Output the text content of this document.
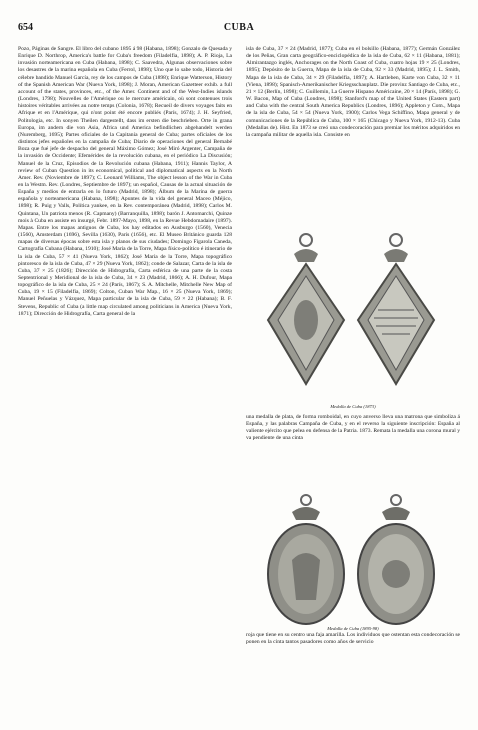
654	CUBA

Pozo, Páginas de Sangre. El libro del cubano 1895 á 98 (Habana, 1898); Gonzalo de Quesada y Enrique D. Northrop, America's battle for Cuba's freedom (Filadelfia, 1898); A. P. Rioja, La invasión norteamericana en Cuba (Habana, 1898); C. Saavedra, Algunas observaciones sobre los desastres de la marina española en Cuba (Ferrol, 1898); Uno que lo sabe todo, Historia del célebre bandido Manuel García, rey de los campos de Cuba (1898); Enrique Watterson, History of the Spanish American War (Nueva York, 1898); J. Moran, American Gazetteer exhib. a full account of the states, provinces, etc., of the Amer. Continent and of the West-Indies islands (Londres, 1798); Nouvelles de l'Amérique ou le mercure américain, où sont contenues trois histoires véritables arrivées au notre temps (Colonia, 1678); Recueil de divers voyages faits en Afrique et en l'Amérique, qui n'ont point été encore publiés (París, 1674); J. H. Seyfried, Politologia, etc. In sonyen Theilen dargestellt, dass im ersten die beschrieben. Orte in grana Europa, im andern die von Asia, Africa und America befindlichen abgehandelt werden (Nuremberg, 1695); Partes oficiales de la Capitanía general de Cuba; partes oficiales de los distintos jefes españoles en la campaña de Cuba; Diario de operaciones del general Bernabé Boza que fué jefe de despacho del general Máximo Gómez; José Miró Argenter, Campaña de la invasión de Occidente; Efemérides de la revolución cubana, en el periódico La Discusión; Manuel de la Cruz, Episodios de la Revolución cubana (Habana, 1911); Hannis Taylor, A review of Cuban Question in its economical, political and diplomatical aspects en la North Amer. Rev. (Noviembre de 1897); C. Leonard Williams, The object lesson of the War in Cuba en la Westm. Rev. (Londres, Septiembre de 1897); un español, Causas de la actual situación de España y medios de entrarla en lo futuro (Madrid, 1898); Álbum de la Marina de guerra española y norteamericana (Habana, 1898); Apuntes de la vida del general Maceo (Méjico, 1898); R. Puig y Valls, Política yankee, en la Rev. contemporánea (Madrid, 1898); Carlos M. Quintana, Un patriota menos (R. Capmany) (Barranquilla, 1898); barón J. Antomarchi, Quinze mois à Cuba en assiste en insurgé, Febr. 1897-Mayo, 1898, en la Revue Hebdomadaire (1897). Mapas. Entre los mapas antiguos de Cuba, los hay editados en Ausburgo (1560), Venecia (1560), Amsterdam (1696), Sevilla (1630), París (1656), etc. El Museo Británico guarda 128 mapas de diversas épocas sobre esta isla y planos de sus ciudades; Domingo Figarola Caneda, Cartografía Cubana (Habana, 1910); José María de la Torre, Mapa físico-político é itinerario de la isla de Cuba, 57 × 41 (Nueva York, 1862); José María de la Torre, Mapa topográfico pintoresco de la isla de Cuba, 47 × 29 (Nueva York, 1862); conde de Salazar, Carta de la isla de Cuba, 37 × 25 (1826); Dirección de Hidrografía, Carta esférica de una parte de la costa Septentrional y Meridional de la isla de Cuba, 34 × 23 (Madrid, 1866); A. H. Dufour, Mapa topográfico de la isla de Cuba, 25 × 24 (París, 1867); S. A. Mitchelle, Mitchelle New Map of Cuba, 19 × 15 (Filadelfia, 1869); Colton, Cuban War Map., 16 × 25 (Nueva York, 1869); Manuel Peñuelas y Vázquez, Mapa particular de la isla de Cuba, 59 × 22 (Habana); B. F. Stevens, Republic of Cuba (a little map circulated among politicians in America (Nueva York, 1871); Dirección de Hidrografía, Carta general de la

isla de Cuba, 37 × 24 (Madrid, 1877); Cuba en el bolsillo (Habana, 1877); Germán González de los Peñas, Gran carta geográfico-enciclopédica de la isla de Cuba, 62 × 11 (Habana, 1881); Almirantazgo inglés, Anchorages on the North Coast of Cuba, cuatro hojas 19 × 25 (Londres, 1895); Depósito de la Guerra, Mapa de la isla de Cuba, 92 × 33 (Madrid, 1895); J. L. Smith, Mapa de la isla de Cuba, 34 × 29 (Filadelfia, 1897); A. Hartleben, Karte von Cuba, 32 × 11 (Viena, 1898); Spanisch-Amerikanischer Kriegsschauplatz. Die provinz Santiago de Cuba, etc., 21 × 12 (Berlín, 1898); C. Guillemin, La Guerre Hispano Américaine, 20 × 14 (París, 1898); G. W. Bacon, Map of Cuba (Londres, 1898); Stanford's map of the United States (Eastern part) and Cuba with the central South America Republics (Londres, 1896); Appleton y Com., Mapa de la isla de Cuba, 54 × 54 (Nueva York, 1900); Carlos Vega Schiffino, Mapa general y de comunicaciones de la República de Cuba, 100 × 165 (Chicago y Nueva York, 1912-13). Cuba (Medallas de). Hist. En 1873 se creó una condecoración para premiar los méritos adquiridos en la campaña militar de aquella isla. Consiste en

Medalla de Cuba (1873)
una medalla de plata, de forma romboidal, en cuyo anverso lleva una matrona que simboliza á España, y las palabras Campaña de Cuba, y en el reverso la siguiente inscripción: España al valiente ejército que pelea en defensa de la Patria. 1873. Remata la medalla una corona mural y va pendiente de una cinta
Medalla de Cuba (1895-98)

roja que tiene en su centro una faja amarilla. Los individuos que ostentan esta condecoración se ponen en la cinta tantos pasadores como años de servicio
